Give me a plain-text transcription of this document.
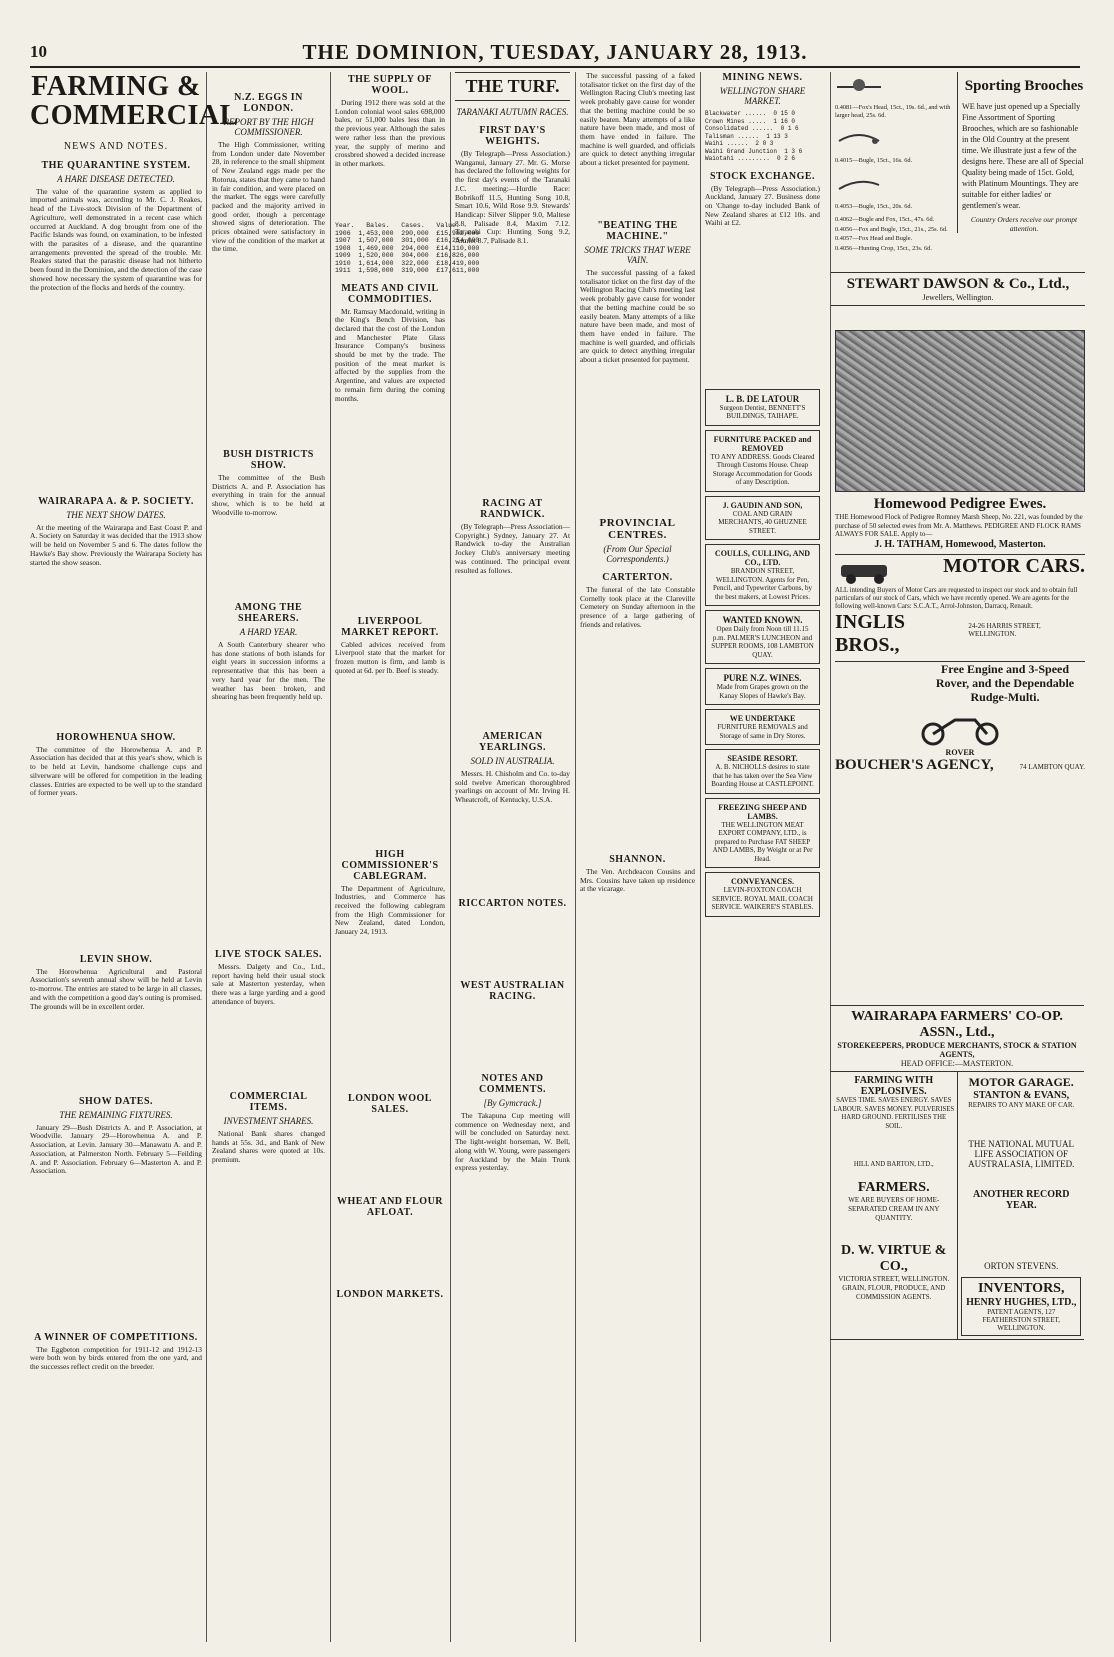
10	THE DOMINION, TUESDAY, JANUARY 28, 1913.
FARMING & COMMERCIAL
NEWS AND NOTES.
THE QUARANTINE SYSTEM.
A HARE DISEASE DETECTED.

The value of the quarantine system as applied to imported animals was, according to Mr. C. J. Reakes, head of the Live-stock Division of the Department of Agriculture, well demonstrated in a recent case which occurred at Auckland. A dog brought from one of the Pacific Islands was found, on examination, to be infested with the parasites of a disease, and the quarantine arrangements prevented the spread of the trouble. Mr. Reakes stated that the parasitic disease had not hitherto been found in the Dominion, and the detection of the case showed how necessary the system of quarantine was for the protection of the flocks and herds of the country.

WAIRARAPA A. & P. SOCIETY.
THE NEXT SHOW DATES.

At the meeting of the Wairarapa and East Coast P. and A. Society on Saturday it was decided that the 1913 show will be held on November 5 and 6. The dates follow the Hawke's Bay show. Previously the Wairarapa Society has started the show season.

HOROWHENUA SHOW.

The committee of the Horowhenua A. and P. Association has decided that at this year's show, which is to be held at Levin, handsome challenge cups and silverware will be offered for competition in the leading classes. Entries are expected to be well up to the standard of former years.

LEVIN SHOW.

The Horowhenua Agricultural and Pastoral Association's seventh annual show will be held at Levin to-morrow. The entries are stated to be large in all classes, and with the competition a good day's outing is promised. The grounds will be in excellent order.

SHOW DATES.
THE REMAINING FIXTURES.

January 29—Bush Districts A. and P. Association, at Woodville. January 29—Horowhenua A. and P. Association, at Levin. January 30—Manawatu A. and P. Association, at Palmerston North. February 5—Feilding A. and P. Association. February 6—Masterton A. and P. Association.

A WINNER OF COMPETITIONS.

The Eggbeton competition for 1911-12 and 1912-13 were both won by birds entered from the one yard, and the successes reflect credit on the breeder.

N.Z. EGGS IN LONDON.
REPORT BY THE HIGH COMMISSIONER.

The High Commissioner, writing from London under date November 28, in reference to the small shipment of New Zealand eggs made per the Rotorua, states that they came to hand in fair condition, and were placed on the market. The eggs were carefully packed and the majority arrived in good order, though a percentage showed signs of deterioration. The prices obtained were satisfactory in view of the condition of the market at the time.

BUSH DISTRICTS SHOW.

The committee of the Bush Districts A. and P. Association has everything in train for the annual show, which is to be held at Woodville to-morrow.

AMONG THE SHEARERS.
A HARD YEAR.

A South Canterbury shearer who has done stations of both islands for eight years in succession informs a representative that this has been a very hard year for the men. The weather has been broken, and shearing has been frequently held up.

LIVE STOCK SALES.

Messrs. Dalgety and Co., Ltd., report having held their usual stock sale at Masterton yesterday, when there was a large yarding and a good attendance of buyers.

COMMERCIAL ITEMS.
INVESTMENT SHARES.

National Bank shares changed hands at 55s. 3d., and Bank of New Zealand shares were quoted at 10s. premium.

THE SUPPLY OF WOOL.

During 1912 there was sold at the London colonial wool sales 698,000 bales, or 51,000 bales less than in the previous year. Although the sales were rather less than the previous year, the supply of merino and crossbred showed a decided increase in other markets.

Year.   Bales.   Cases.   Value.
1906  1,453,000  290,000  £15,982,000
1907  1,507,000  301,000  £16,254,000
1908  1,469,000  294,000  £14,110,000
1909  1,520,000  304,000  £16,826,000
1910  1,614,000  322,000  £18,419,000
1911  1,598,000  319,000  £17,611,000
MEATS AND CIVIL COMMODITIES.

Mr. Ramsay Macdonald, writing in the King's Bench Division, has declared that the cost of the London and Manchester Plate Glass Insurance Company's business should be met by the trade. The position of the meat market is affected by the supplies from the Argentine, and values are expected to remain firm during the coming months.

LIVERPOOL MARKET REPORT.

Cabled advices received from Liverpool state that the market for frozen mutton is firm, and lamb is quoted at 6d. per lb. Beef is steady.

HIGH COMMISSIONER'S CABLEGRAM.

The Department of Agriculture, Industries, and Commerce has received the following cablegram from the High Commissioner for New Zealand, dated London, January 24, 1913.

LONDON WOOL SALES.
WHEAT AND FLOUR AFLOAT.
LONDON MARKETS.
THE TURF.
TARANAKI AUTUMN RACES.
FIRST DAY'S WEIGHTS.

(By Telegraph—Press Association.) Wanganui, January 27. Mr. G. Morse has declared the following weights for the first day's events of the Taranaki J.C. meeting:—Hurdle Race: Bobrikoff 11.5, Hunting Song 10.8, Smart 10.6, Wild Rose 9.9. Stewards' Handicap: Silver Slipper 9.0, Maltese 8.8, Palisade 8.4, Maxim 7.12. Taranaki Cup: Hunting Song 9.2, Armlet 8.7, Palisade 8.1.

RACING AT RANDWICK.

(By Telegraph—Press Association—Copyright.) Sydney, January 27. At Randwick to-day the Australian Jockey Club's anniversary meeting was continued. The principal event resulted as follows.

AMERICAN YEARLINGS.
SOLD IN AUSTRALIA.

Messrs. H. Chisholm and Co. to-day sold twelve American thoroughbred yearlings on account of Mr. Irving H. Wheatcroft, of Kentucky, U.S.A.

RICCARTON NOTES.
WEST AUSTRALIAN RACING.
NOTES AND COMMENTS.
[By Gymcrack.]

The Takapuna Cup meeting will commence on Wednesday next, and will be concluded on Saturday next. The light-weight horseman, W. Bell, along with W. Young, were passengers for Auckland by the Main Trunk express yesterday.

The successful passing of a faked totalisator ticket on the first day of the Wellington Racing Club's meeting last week probably gave cause for wonder that the betting machine could be so easily beaten. Many attempts of a like nature have been made, and most of them have ended in failure. The machine is well guarded, and officials are quick to detect anything irregular about a ticket presented for payment.

"BEATING THE MACHINE."
SOME TRICKS THAT WERE VAIN.

The successful passing of a faked totalisator ticket on the first day of the Wellington Racing Club's meeting last week probably gave cause for wonder that the betting machine could be so easily beaten. Many attempts of a like nature have been made, and most of them have ended in failure. The machine is well guarded, and officials are quick to detect anything irregular about a ticket presented for payment.

PROVINCIAL CENTRES.
(From Our Special Correspondents.)
CARTERTON.

The funeral of the late Constable Cornelly took place at the Clareville Cemetery on Sunday afternoon in the presence of a large gathering of friends and relatives.

SHANNON.

The Ven. Archdeacon Cousins and Mrs. Cousins have taken up residence at the vicarage.

MINING NEWS.
WELLINGTON SHARE MARKET.
Blackwater ......  0 15 0
Crown Mines .....  1 16 0
Consolidated ......  0 1 6
Talisman ......  1 13 3
Waihi ......  2 0 3
Waihi Grand Junction  1 3 6
Waiotahi .........  0 2 6
STOCK EXCHANGE.

(By Telegraph—Press Association.) Auckland, January 27. Business done on 'Change to-day included Bank of New Zealand shares at £12 10s. and Waihi at £2.

L. B. DE LATOUR
Surgeon Dentist, BENNETT'S BUILDINGS, TAIHAPE.
FURNITURE PACKED and REMOVED
TO ANY ADDRESS. Goods Cleared Through Customs House. Cheap Storage Accommodation for Goods of any Description.
J. GAUDIN AND SON,
COAL AND GRAIN MERCHANTS, 40 GHUZNEE STREET.
COULLS, CULLING, AND CO., LTD.
BRANDON STREET, WELLINGTON. Agents for Pen, Pencil, and Typewriter Carbons, by the best makers, at Lowest Prices.
WANTED KNOWN.
Open Daily from Noon till 11.15 p.m. PALMER'S LUNCHEON and SUPPER ROOMS, 108 LAMBTON QUAY.
PURE N.Z. WINES.
Made from Grapes grown on the Kanay Slopes of Hawke's Bay.
WE UNDERTAKE
FURNITURE REMOVALS and Storage of same in Dry Stores.
SEASIDE RESORT.
A. B. NICHOLLS desires to state that he has taken over the Sea View Boarding House at CASTLEPOINT.
FREEZING SHEEP AND LAMBS.
THE WELLINGTON MEAT EXPORT COMPANY, LTD., is prepared to Purchase FAT SHEEP AND LAMBS, By Weight or at Per Head.
CONVEYANCES.
LEVIN-FOXTON COACH SERVICE. ROYAL MAIL COACH SERVICE. WAIKERE'S STABLES.
0.4081—Fox's Head, 15ct., 19s. 6d., and with larger head, 25s. 6d.
0.4015—Bugle, 15ct., 16s. 6d.
0.4053—Bugle, 15ct., 20s. 6d.
0.4062—Bugle and Fox, 15ct., 47s. 6d.
0.4056—Fox and Bugle, 15ct., 21s., 25s. 6d.
0.4057—Fox Head and Bugle.
0.4056—Hunting Crop, 15ct., 23s. 6d.
Sporting Brooches
WE have just opened up a Specially Fine Assortment of Sporting Brooches, which are so fashionable in the Old Country at the present time. We illustrate just a few of the designs here. These are all of Special Quality being made of 15ct. Gold, with Platinum Mountings. They are suitable for either ladies' or gentlemen's wear.
Country Orders receive our prompt attention.
STEWART DAWSON & Co., Ltd.,
Jewellers, Wellington.
Homewood Pedigree Ewes.
THE Homewood Flock of Pedigree Romney Marsh Sheep, No. 221, was founded by the purchase of 50 selected ewes from Mr. A. Matthews. PEDIGREE AND FLOCK RAMS ALWAYS FOR SALE. Apply to—
J. H. TATHAM, Homewood, Masterton.
MOTOR CARS.
ALL intending Buyers of Motor Cars are requested to inspect our stock and to obtain full particulars of our stock of Cars, which we have recently opened. We are agents for the following well-known Cars: S.C.A.T., Arrol-Johnston, Darracq, Renault.
INGLIS BROS.,
24-26 HARRIS STREET, WELLINGTON.
Free Engine and 3-Speed Rover, and the Dependable Rudge-Multi.
ROVER
BOUCHER'S AGENCY,	74 LAMBTON QUAY.
WAIRARAPA FARMERS' CO-OP. ASSN., Ltd.,
STOREKEEPERS, PRODUCE MERCHANTS, STOCK & STATION AGENTS,
HEAD OFFICE:—MASTERTON.
FARMING WITH EXPLOSIVES.
SAVES TIME. SAVES ENERGY. SAVES LABOUR. SAVES MONEY. PULVERISES HARD GROUND. FERTILISES THE SOIL.
HILL AND BARTON, LTD.,
FARMERS.
WE ARE BUYERS OF HOME-SEPARATED CREAM IN ANY QUANTITY.
D. W. VIRTUE & CO.,
VICTORIA STREET, WELLINGTON. GRAIN, FLOUR, PRODUCE, AND COMMISSION AGENTS.
MOTOR GARAGE.
STANTON & EVANS,
REPAIRS TO ANY MAKE OF CAR.
THE NATIONAL MUTUAL LIFE ASSOCIATION OF AUSTRALASIA, LIMITED.
ANOTHER RECORD YEAR.
ORTON STEVENS.
INVENTORS,
HENRY HUGHES, LTD.,
PATENT AGENTS, 127 FEATHERSTON STREET, WELLINGTON.
